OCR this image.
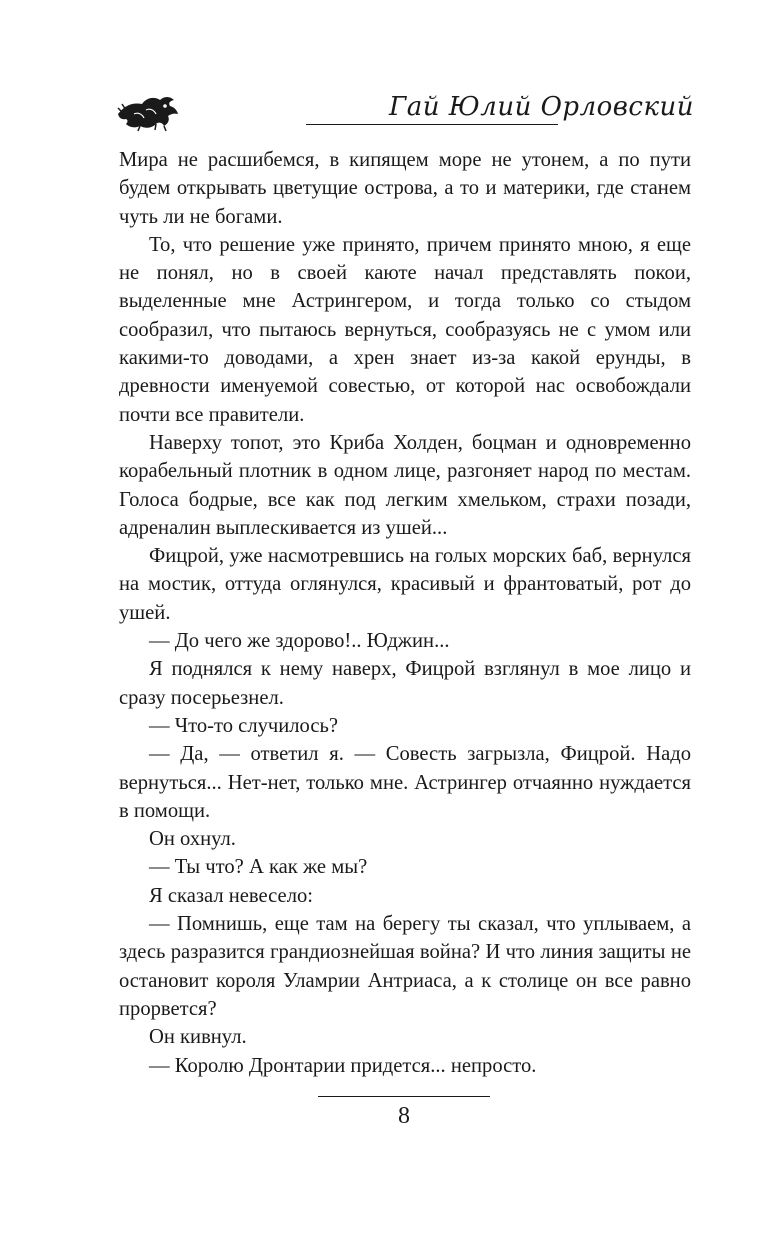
Гай Юлий Орловский

Мира не расшибемся, в кипящем море не утонем, а по пути будем открывать цветущие острова, а то и материки, где станем чуть ли не богами.

То, что решение уже принято, причем принято мною, я еще не понял, но в своей каюте начал представлять покои, выделенные мне Астрингером, и тогда только со стыдом сообразил, что пытаюсь вернуться, сообразуясь не с умом или какими-то доводами, а хрен знает из-за какой ерунды, в древности именуемой совестью, от которой нас освобождали почти все правители.

Наверху топот, это Криба Холден, боцман и одновременно корабельный плотник в одном лице, разгоняет народ по местам. Голоса бодрые, все как под легким хмельком, страхи позади, адреналин выплескивается из ушей...

Фицрой, уже насмотревшись на голых морских баб, вернулся на мостик, оттуда оглянулся, красивый и франтоватый, рот до ушей.

— До чего же здорово!.. Юджин...

Я поднялся к нему наверх, Фицрой взглянул в мое лицо и сразу посерьезнел.

— Что-то случилось?

— Да, — ответил я. — Совесть загрызла, Фицрой. Надо вернуться... Нет-нет, только мне. Астрингер отчаянно нуждается в помощи.

Он охнул.

— Ты что? А как же мы?

Я сказал невесело:

— Помнишь, еще там на берегу ты сказал, что уплываем, а здесь разразится грандиознейшая война? И что линия защиты не остановит короля Уламрии Антриаса, а к столице он все равно прорвется?

Он кивнул.

— Королю Дронтарии придется... непросто.

8
